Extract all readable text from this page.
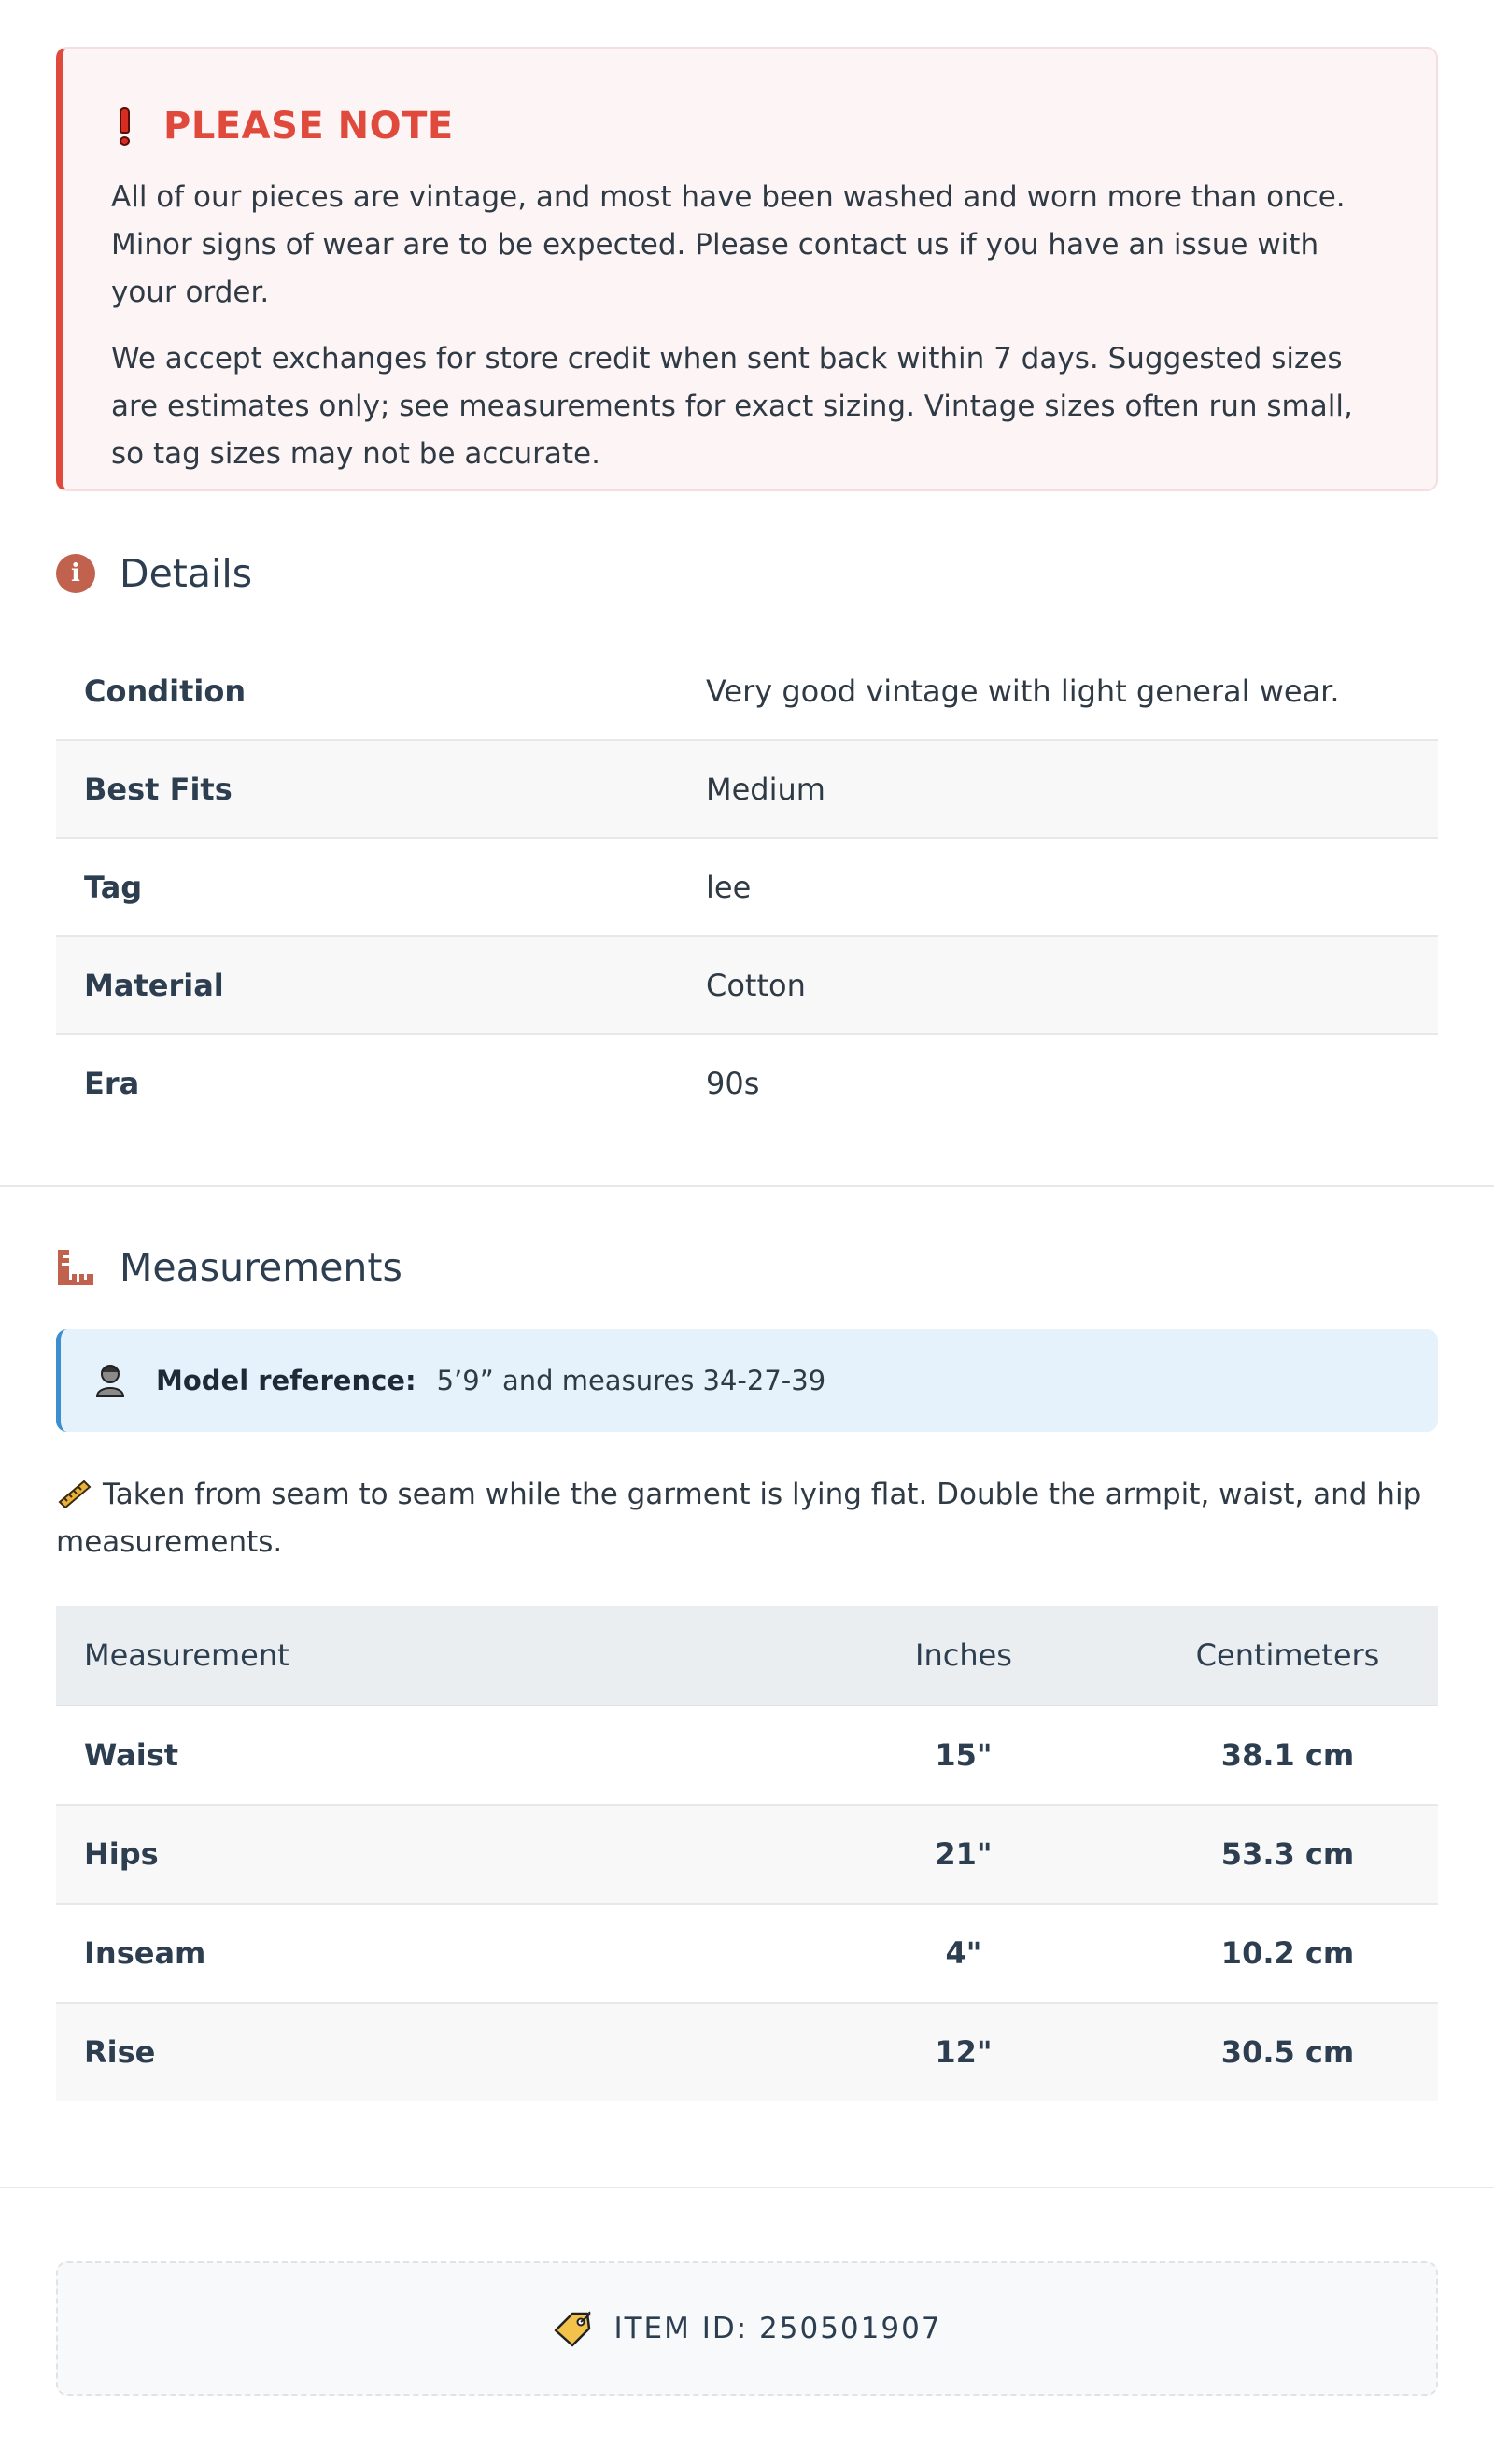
PLEASE NOTE

All of our pieces are vintage, and most have been washed and worn more than once. Minor signs of wear are to be expected. Please contact us if you have an issue with your order.

We accept exchanges for store credit when sent back within 7 days. Suggested sizes are estimates only; see measurements for exact sizing. Vintage sizes often run small, so tag sizes may not be accurate.

i	Details
Condition	Very good vintage with light general wear.
Best Fits	Medium
Tag	lee
Material	Cotton
Era	90s
Measurements
Model reference: 5’9” and measures 34-27-39
Taken from seam to seam while the garment is lying flat. Double the armpit, waist, and hip measurements.
Measurement	Inches	Centimeters
Waist	15"	38.1 cm
Hips	21"	53.3 cm
Inseam	4"	10.2 cm
Rise	12"	30.5 cm
ITEM ID: 250501907
